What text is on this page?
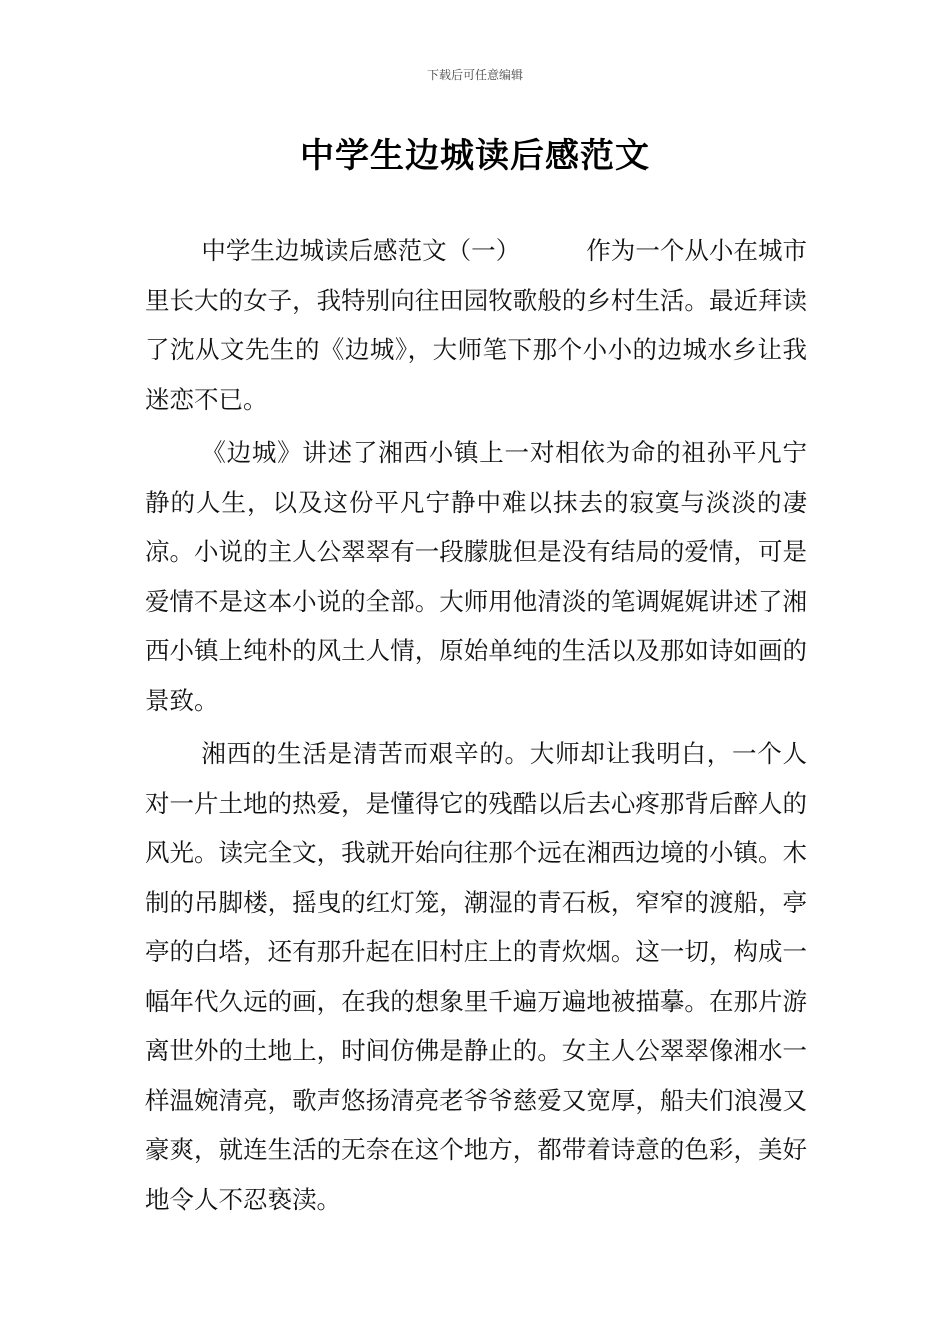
下载后可任意编辑
中学生边城读后感范文

中学生边城读后感范文（一）	作为一个从小在城市里长大的女子，我特别向往田园牧歌般的乡村生活。最近拜读了沈从文先生的《边城》，大师笔下那个小小的边城水乡让我迷恋不已。

《边城》讲述了湘西小镇上一对相依为命的祖孙平凡宁静的人生，以及这份平凡宁静中难以抹去的寂寞与淡淡的凄凉。小说的主人公翠翠有一段朦胧但是没有结局的爱情，可是爱情不是这本小说的全部。大师用他清淡的笔调娓娓讲述了湘西小镇上纯朴的风土人情，原始单纯的生活以及那如诗如画的景致。

湘西的生活是清苦而艰辛的。大师却让我明白，一个人对一片土地的热爱，是懂得它的残酷以后去心疼那背后醉人的风光。读完全文，我就开始向往那个远在湘西边境的小镇。木制的吊脚楼，摇曳的红灯笼，潮湿的青石板，窄窄的渡船，亭亭的白塔，还有那升起在旧村庄上的青炊烟。这一切，构成一幅年代久远的画，在我的想象里千遍万遍地被描摹。在那片游离世外的土地上，时间仿佛是静止的。女主人公翠翠像湘水一样温婉清亮，歌声悠扬清亮老爷爷慈爱又宽厚，船夫们浪漫又豪爽，就连生活的无奈在这个地方，都带着诗意的色彩，美好地令人不忍亵渎。
